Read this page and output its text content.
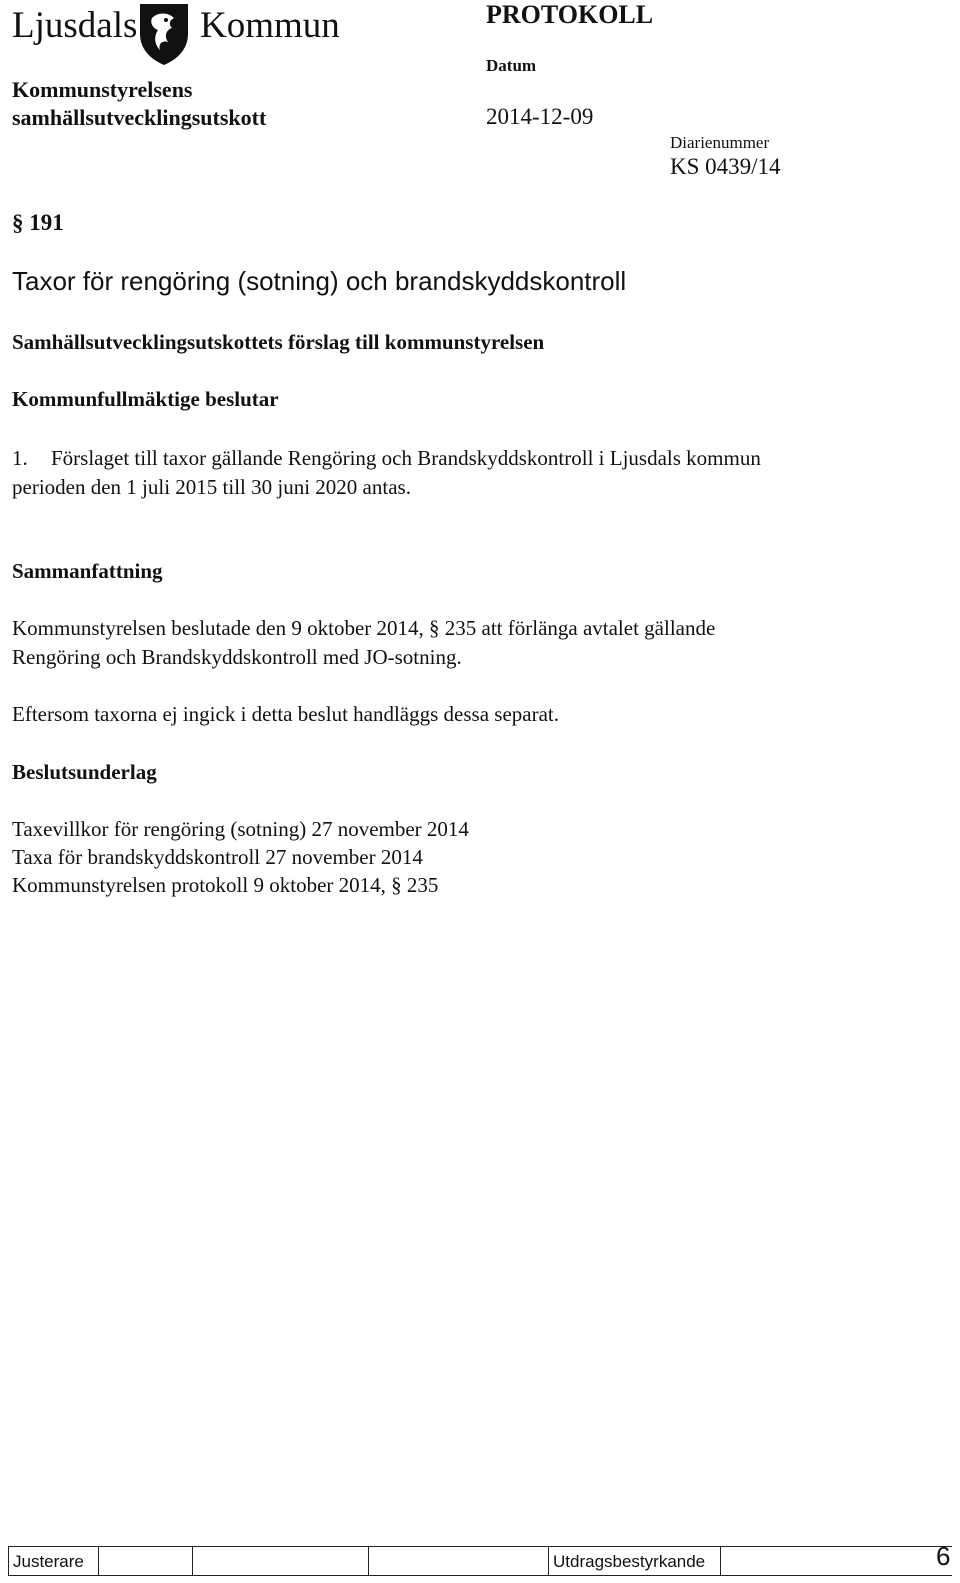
Ljusdals Kommun	PROTOKOLL
Datum
Kommunstyrelsens
samhällsutvecklingsutskott	2014-12-09
Diarienummer
KS 0439/14
§ 191
Taxor för rengöring (sotning) och brandskyddskontroll
Samhällsutvecklingsutskottets förslag till kommunstyrelsen
Kommunfullmäktige beslutar
1. Förslaget till taxor gällande Rengöring och Brandskyddskontroll i Ljusdals kommun
perioden den 1 juli 2015 till 30 juni 2020 antas.
Sammanfattning
Kommunstyrelsen beslutade den 9 oktober 2014, § 235 att förlänga avtalet gällande
Rengöring och Brandskyddskontroll med JO-sotning.
Eftersom taxorna ej ingick i detta beslut handläggs dessa separat.
Beslutsunderlag
Taxevillkor för rengöring (sotning) 27 november 2014
Taxa för brandskyddskontroll 27 november 2014
Kommunstyrelsen protokoll 9 oktober 2014, § 235
Justerare	Utdragsbestyrkande	6
